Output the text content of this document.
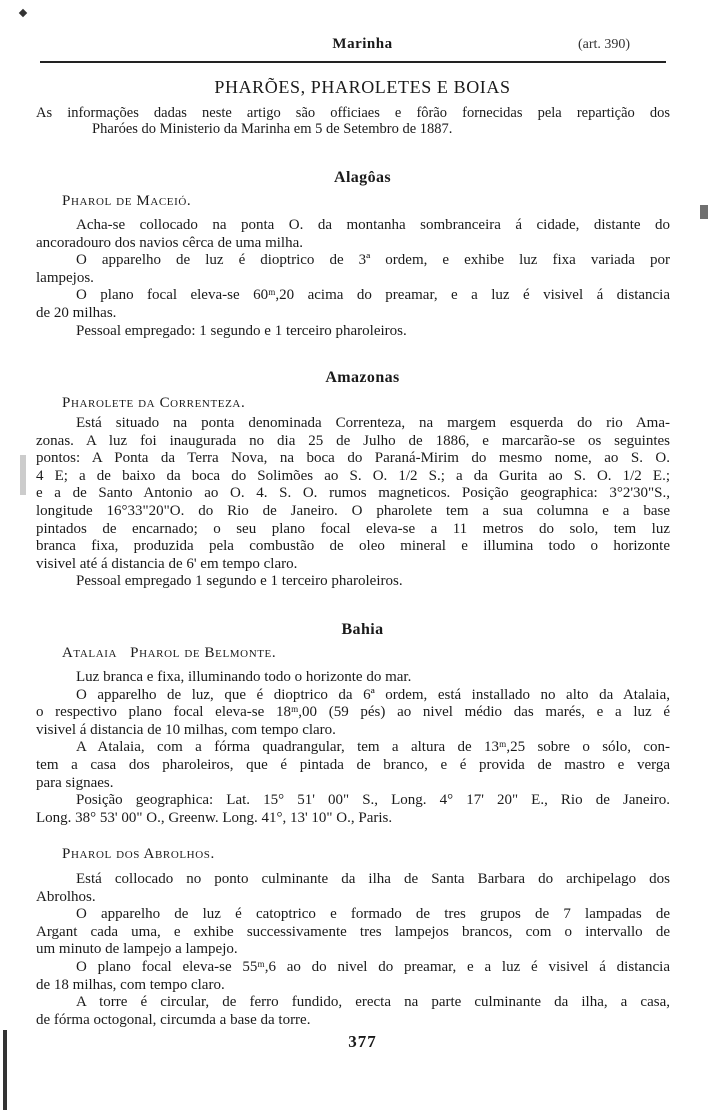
Marinha	(art. 390)
PHARÕES, PHAROLETES E BOIAS
As informações dadas neste artigo são officiaes e fôrão fornecidas pela repartição dos
Pharóes do Ministerio da Marinha em 5 de Setembro de 1887.
Alagôas
Pharol de Maceió.
Acha-se collocado na ponta O. da montanha sombranceira á cidade, distante do
ancoradouro dos navios cêrca de uma milha.
O apparelho de luz é dioptrico de 3ª ordem, e exhibe luz fixa variada por
lampejos.
O plano focal eleva-se 60ᵐ,20 acima do preamar, e a luz é visivel á distancia
de 20 milhas.
Pessoal empregado: 1 segundo e 1 terceiro pharoleiros.
Amazonas
Pharolete da Correnteza.
Está situado na ponta denominada Correnteza, na margem esquerda do rio Ama-
zonas. A luz foi inaugurada no dia 25 de Julho de 1886, e marcarão-se os seguintes
pontos: A Ponta da Terra Nova, na boca do Paraná-Mirim do mesmo nome, ao S. O.
4 E; a de baixo da boca do Solimões ao S. O. 1/2 S.; a da Gurita ao S. O. 1/2 E.;
e a de Santo Antonio ao O. 4. S. O. rumos magneticos. Posição geographica: 3°2'30"S.,
longitude 16°33"20"O. do Rio de Janeiro. O pharolete tem a sua columna e a base
pintados de encarnado; o seu plano focal eleva-se a 11 metros do solo, tem luz
branca fixa, produzida pela combustão de oleo mineral e illumina todo o horizonte
visivel até á distancia de 6' em tempo claro.
Pessoal empregado 1 segundo e 1 terceiro pharoleiros.
Bahia
Atalaia   Pharol de Belmonte.
Luz branca e fixa, illuminando todo o horizonte do mar.
O apparelho de luz, que é dioptrico da 6ª ordem, está installado no alto da Atalaia,
o respectivo plano focal eleva-se 18ᵐ,00 (59 pés) ao nivel médio das marés, e a luz é
visivel á distancia de 10 milhas, com tempo claro.
A Atalaia, com a fórma quadrangular, tem a altura de 13ᵐ,25 sobre o sólo, con-
tem a casa dos pharoleiros, que é pintada de branco, e é provida de mastro e verga
para signaes.
Posição geographica: Lat. 15° 51' 00" S., Long. 4° 17' 20" E., Rio de Janeiro.
Long. 38° 53' 00" O., Greenw. Long. 41°, 13' 10" O., Paris.
Pharol dos Abrolhos.
Está collocado no ponto culminante da ilha de Santa Barbara do archipelago dos
Abrolhos.
O apparelho de luz é catoptrico e formado de tres grupos de 7 lampadas de
Argant cada uma, e exhibe successivamente tres lampejos brancos, com o intervallo de
um minuto de lampejo a lampejo.
O plano focal eleva-se 55ᵐ,6 ao do nivel do preamar, e a luz é visivel á distancia
de 18 milhas, com tempo claro.
A torre é circular, de ferro fundido, erecta na parte culminante da ilha, a casa,
de fórma octogonal, circumda a base da torre.
377
